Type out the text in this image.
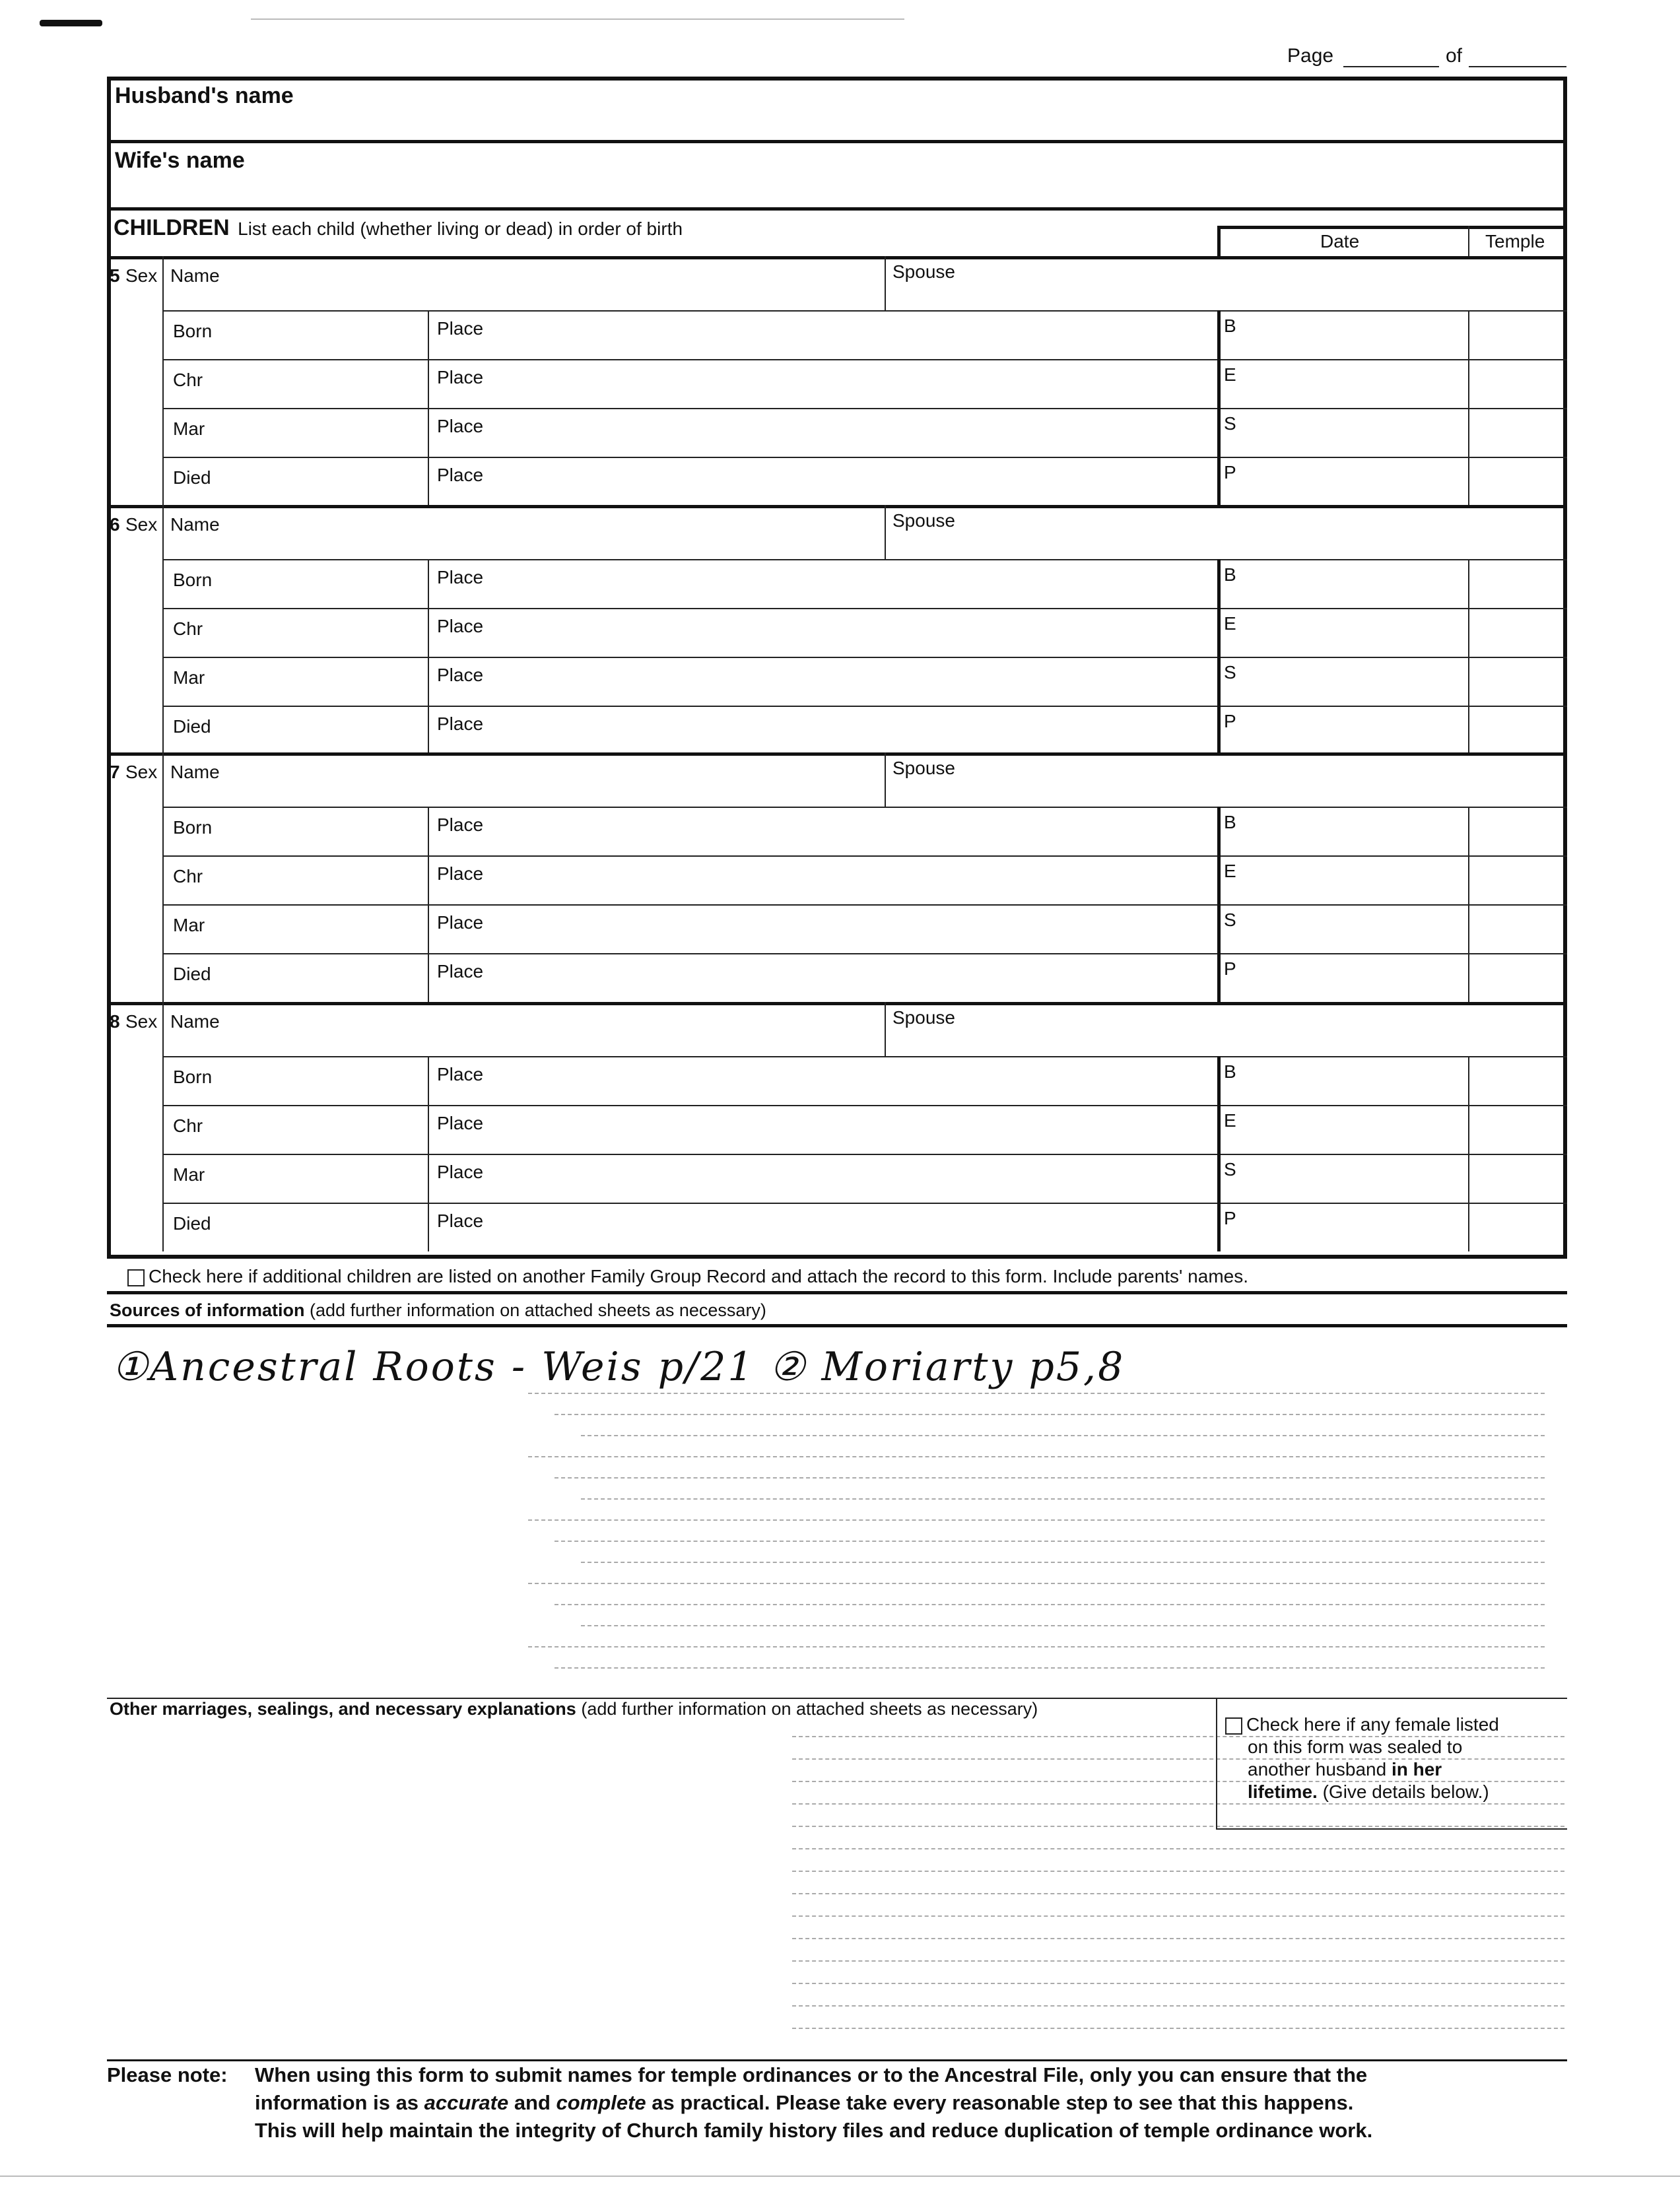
Page	of
Husband's name
Wife's name
CHILDREN List each child (whether living or dead) in order of birth
Date	Temple
5 Sex Name	Spouse
Born	Place	B
Chr	Place	E
Mar	Place	S
Died	Place	P
6 Sex Name	Spouse
Born	Place	B
Chr	Place	E
Mar	Place	S
Died	Place	P
7 Sex Name	Spouse
Born	Place	B
Chr	Place	E
Mar	Place	S
Died	Place	P
8 Sex Name	Spouse
Born	Place	B
Chr	Place	E
Mar	Place	S
Died	Place	P
Check here if additional children are listed on another Family Group Record and attach the record to this form. Include parents' names.
Sources of information (add further information on attached sheets as necessary)
①Ancestral Roots - Weis p/21 ② Moriarty p5,8
Other marriages, sealings, and necessary explanations (add further information on attached sheets as necessary)
Check here if any female listed
on this form was sealed to
another husband in her
lifetime. (Give details below.)
Please note: When using this form to submit names for temple ordinances or to the Ancestral File, only you can ensure that the
information is as accurate and complete as practical. Please take every reasonable step to see that this happens.
This will help maintain the integrity of Church family history files and reduce duplication of temple ordinance work.
